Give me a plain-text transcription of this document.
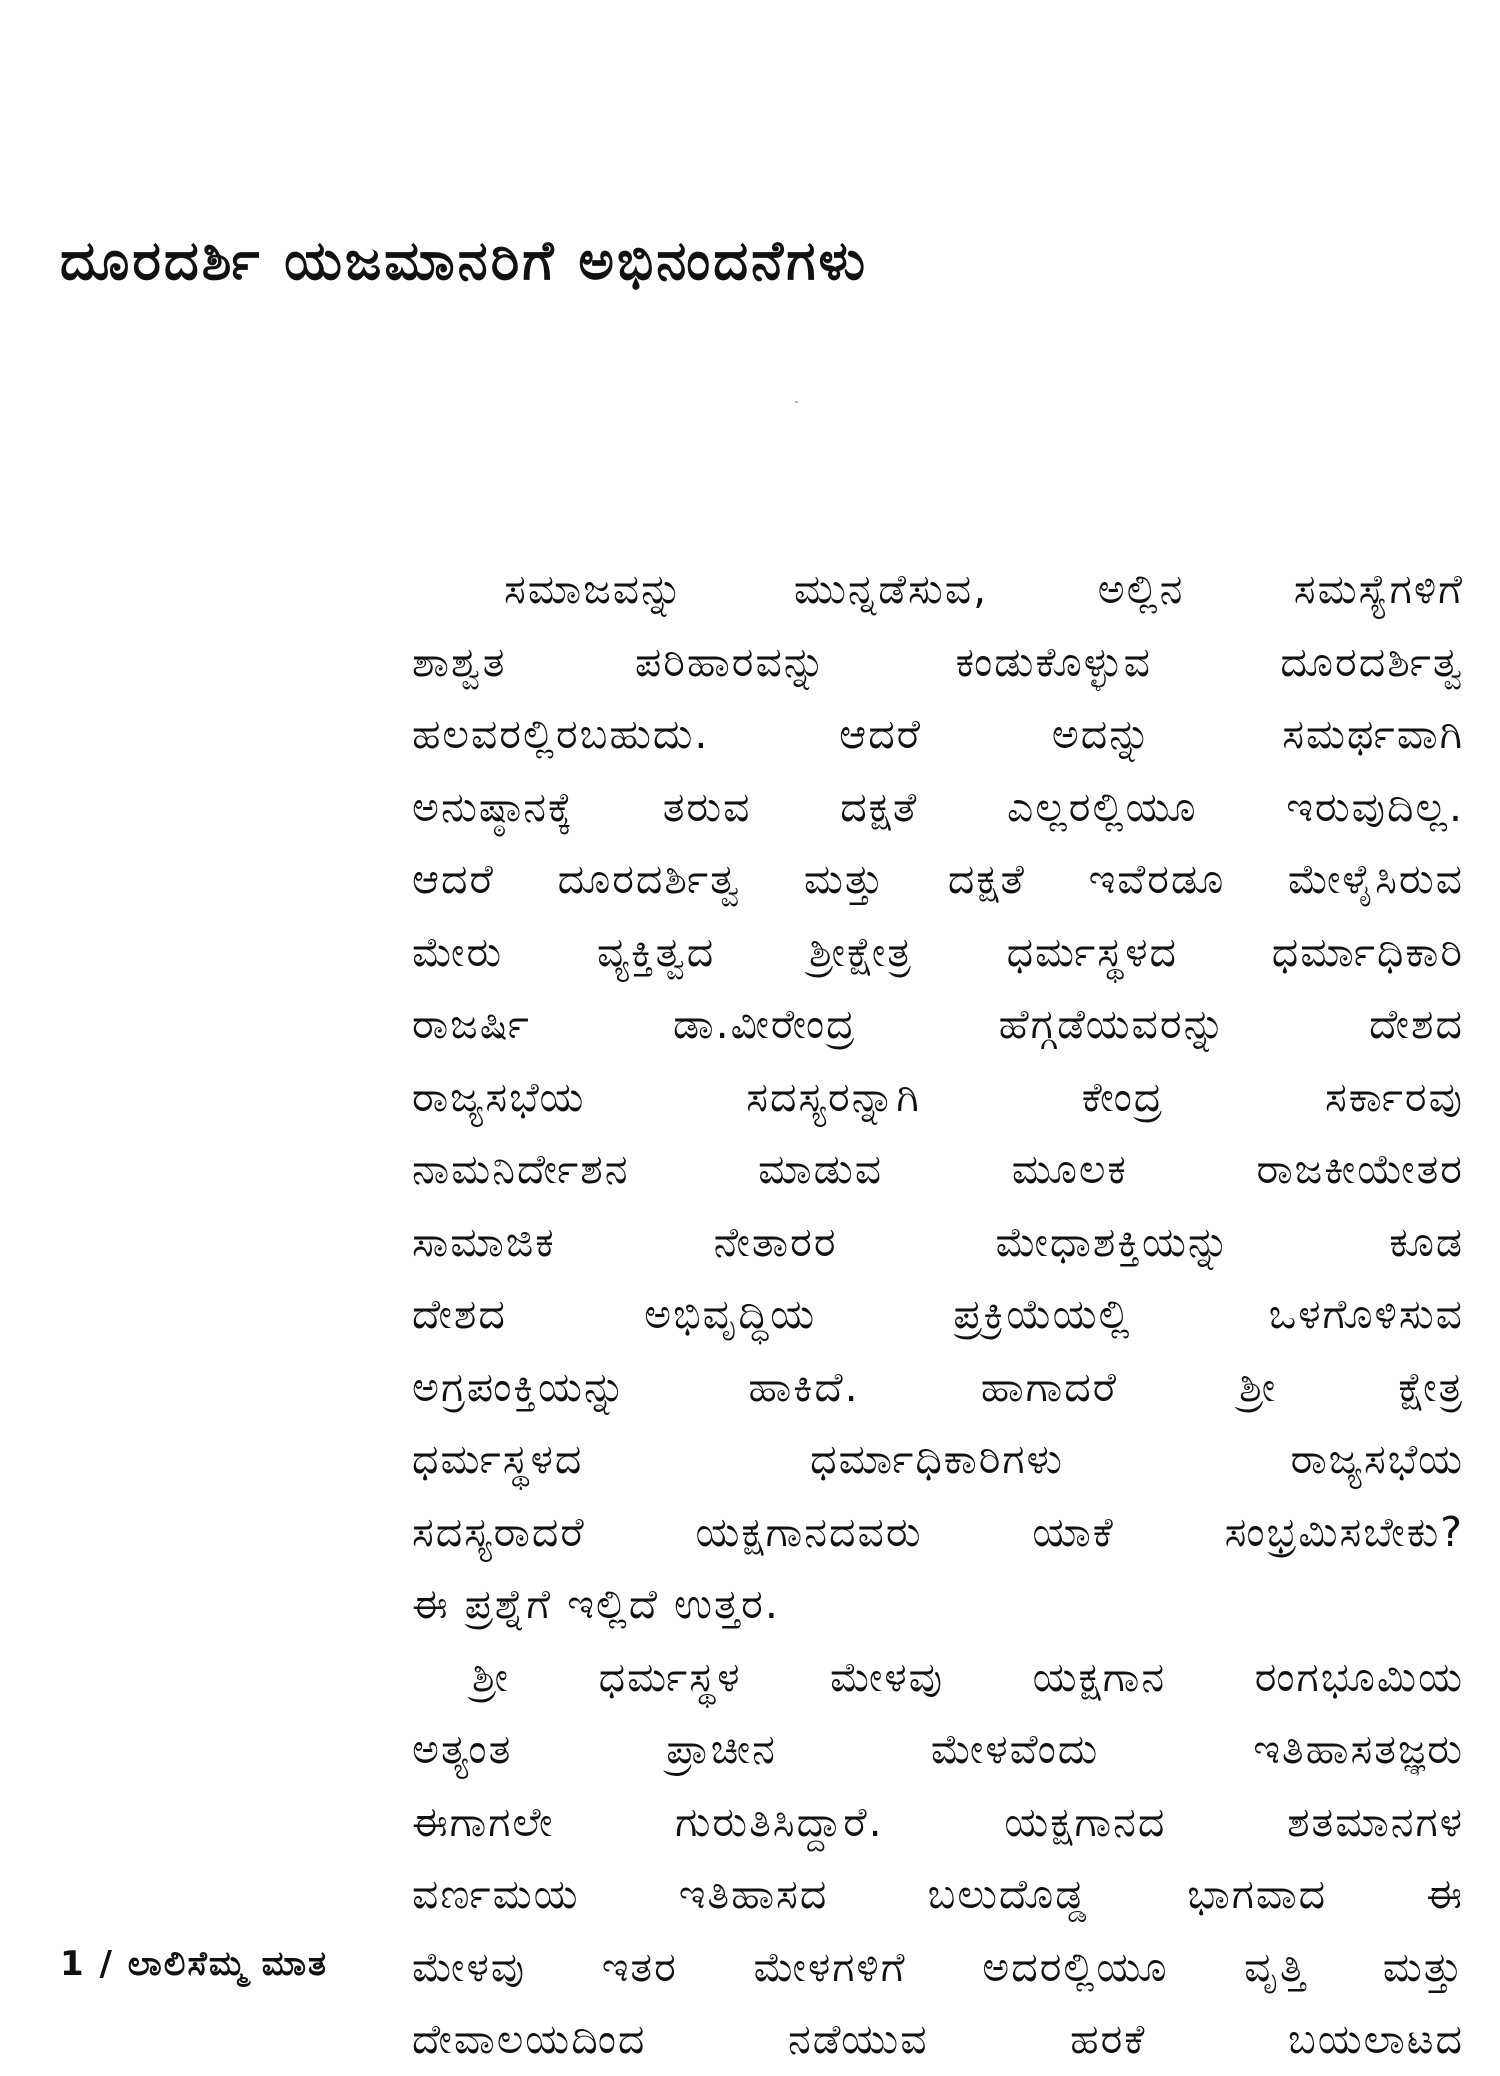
ದೂರದರ್ಶಿ ಯಜಮಾನರಿಗೆ ಅಭಿನಂದನೆಗಳು
ಸಮಾಜವನ್ನು ಮುನ್ನಡೆಸುವ, ಅಲ್ಲಿನ ಸಮಸ್ಯೆಗಳಿಗೆ
ಶಾಶ್ವತ ಪರಿಹಾರವನ್ನು ಕಂಡುಕೊಳ್ಳುವ ದೂರದರ್ಶಿತ್ವ
ಹಲವರಲ್ಲಿರಬಹುದು. ಆದರೆ ಅದನ್ನು ಸಮರ್ಥವಾಗಿ
ಅನುಷ್ಠಾನಕ್ಕೆ ತರುವ ದಕ್ಷತೆ ಎಲ್ಲರಲ್ಲಿಯೂ ಇರುವುದಿಲ್ಲ.
ಆದರೆ ದೂರದರ್ಶಿತ್ವ ಮತ್ತು ದಕ್ಷತೆ ಇವೆರಡೂ ಮೇಳೈಸಿರುವ
ಮೇರು ವ್ಯಕ್ತಿತ್ವದ ಶ್ರೀಕ್ಷೇತ್ರ ಧರ್ಮಸ್ಥಳದ ಧರ್ಮಾಧಿಕಾರಿ
ರಾಜರ್ಷಿ ಡಾ.ವೀರೇಂದ್ರ ಹೆಗ್ಗಡೆಯವರನ್ನು ದೇಶದ
ರಾಜ್ಯಸಭೆಯ ಸದಸ್ಯರನ್ನಾಗಿ ಕೇಂದ್ರ ಸರ್ಕಾರವು
ನಾಮನಿರ್ದೇಶನ ಮಾಡುವ ಮೂಲಕ ರಾಜಕೀಯೇತರ
ಸಾಮಾಜಿಕ ನೇತಾರರ ಮೇಧಾಶಕ್ತಿಯನ್ನು ಕೂಡ
ದೇಶದ ಅಭಿವೃದ್ಧಿಯ ಪ್ರಕ್ರಿಯೆಯಲ್ಲಿ ಒಳಗೊಳಿಸುವ
ಅಗ್ರಪಂಕ್ತಿಯನ್ನು ಹಾಕಿದೆ. ಹಾಗಾದರೆ ಶ್ರೀ ಕ್ಷೇತ್ರ
ಧರ್ಮಸ್ಥಳದ ಧರ್ಮಾಧಿಕಾರಿಗಳು ರಾಜ್ಯಸಭೆಯ
ಸದಸ್ಯರಾದರೆ ಯಕ್ಷಗಾನದವರು ಯಾಕೆ ಸಂಭ್ರಮಿಸಬೇಕು?
ಈ ಪ್ರಶ್ನೆಗೆ ಇಲ್ಲಿದೆ ಉತ್ತರ.
ಶ್ರೀ ಧರ್ಮಸ್ಥಳ ಮೇಳವು ಯಕ್ಷಗಾನ ರಂಗಭೂಮಿಯ
ಅತ್ಯಂತ ಪ್ರಾಚೀನ ಮೇಳವೆಂದು ಇತಿಹಾಸತಜ್ಞರು
ಈಗಾಗಲೇ ಗುರುತಿಸಿದ್ದಾರೆ. ಯಕ್ಷಗಾನದ ಶತಮಾನಗಳ
ವರ್ಣಮಯ ಇತಿಹಾಸದ ಬಲುದೊಡ್ಡ ಭಾಗವಾದ ಈ
ಮೇಳವು ಇತರ ಮೇಳಗಳಿಗೆ ಅದರಲ್ಲಿಯೂ ವೃತ್ತಿ ಮತ್ತು
ದೇವಾಲಯದಿಂದ ನಡೆಯುವ ಹರಕೆ ಬಯಲಾಟದ

1 / ಲಾಲಿಸೆಮ್ಮ ಮಾತ
